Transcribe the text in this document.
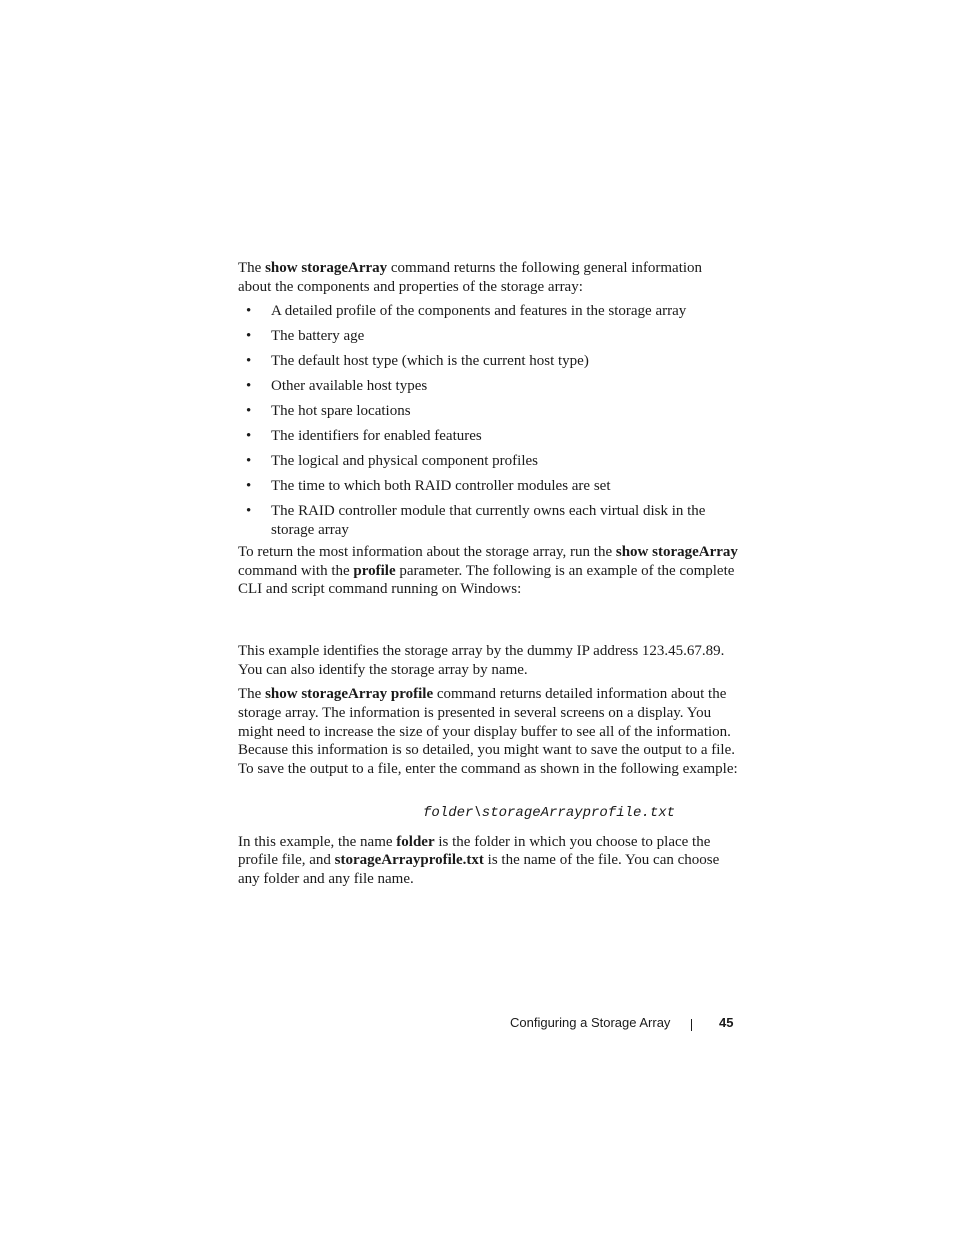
The show storageArray command returns the following general information about the components and properties of the storage array:

• A detailed profile of the components and features in the storage array
• The battery age
• The default host type (which is the current host type)
• Other available host types
• The hot spare locations
• The identifiers for enabled features
• The logical and physical component profiles
• The time to which both RAID controller modules are set
• The RAID controller module that currently owns each virtual disk in the storage array

To return the most information about the storage array, run the show storageArray command with the profile parameter. The following is an example of the complete CLI and script command running on Windows:

This example identifies the storage array by the dummy IP address 123.45.67.89. You can also identify the storage array by name.

The show storageArray profile command returns detailed information about the storage array. The information is presented in several screens on a display. You might need to increase the size of your display buffer to see all of the information. Because this information is so detailed, you might want to save the output to a file. To save the output to a file, enter the command as shown in the following example:

folder\storageArrayprofile.txt

In this example, the name folder is the folder in which you choose to place the profile file, and storageArrayprofile.txt is the name of the file. You can choose any folder and any file name.

Configuring a Storage Array	45
